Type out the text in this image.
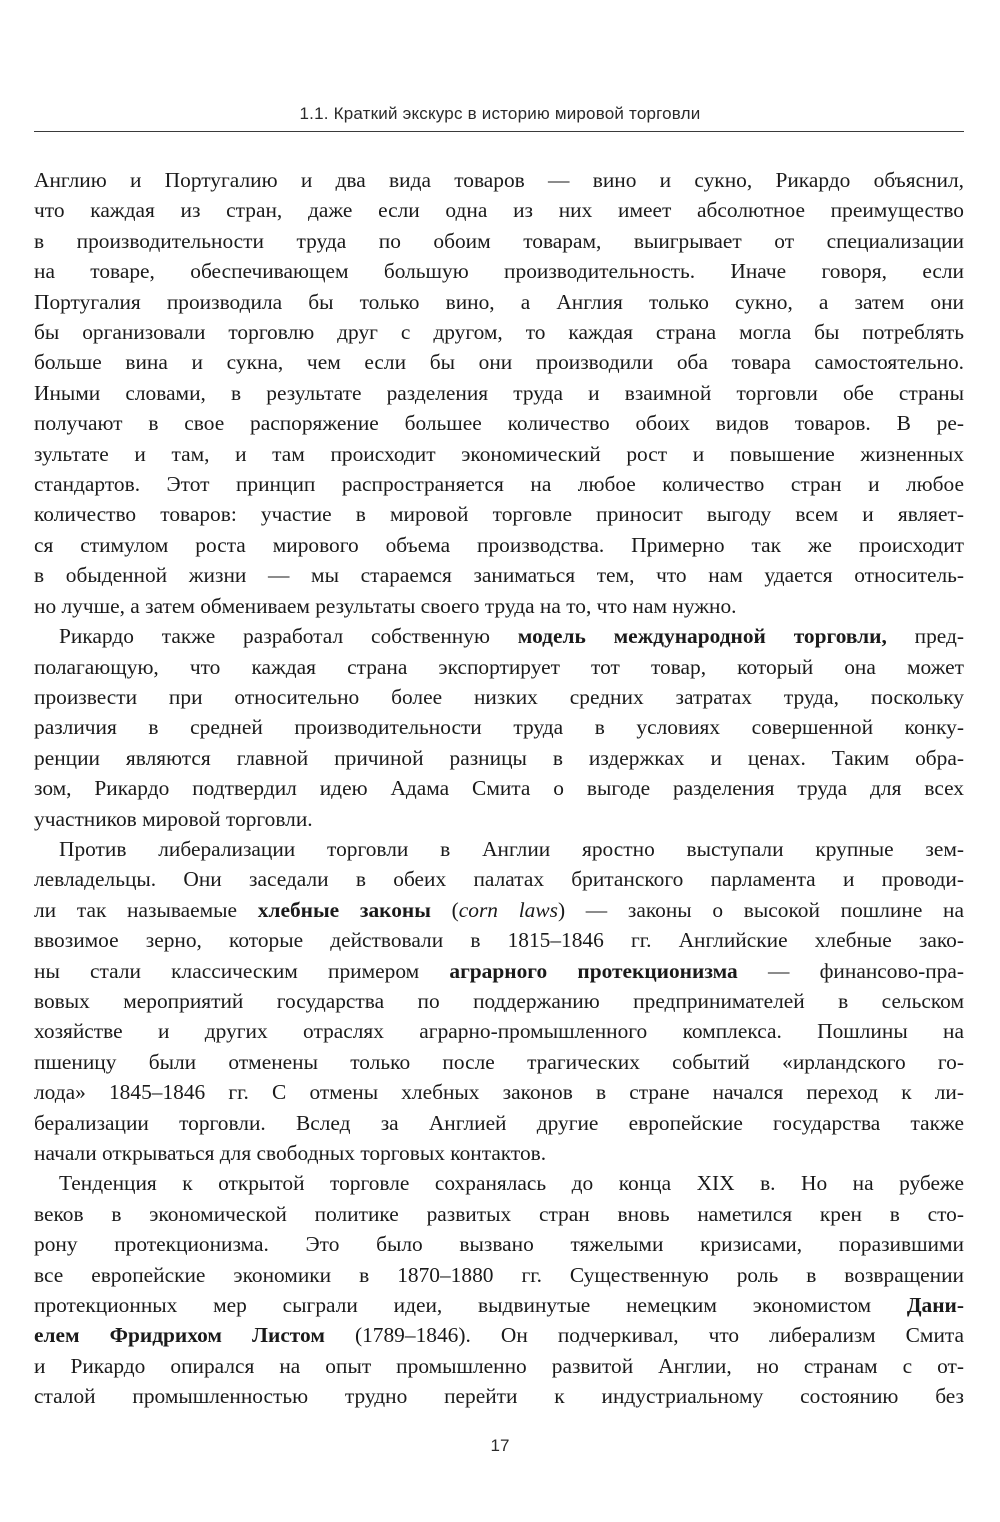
1.1. Краткий экскурс в историю мировой торговли
Англию и Португалию и два вида товаров — вино и сукно, Рикардо объяснил,
что каждая из стран, даже если одна из них имеет абсолютное преимущество
в производительности труда по обоим товарам, выигрывает от специализации
на товаре, обеспечивающем большую производительность. Иначе говоря, если
Португалия производила бы только вино, а Англия только сукно, а затем они
бы организовали торговлю друг с другом, то каждая страна могла бы потреблять
больше вина и сукна, чем если бы они производили оба товара самостоятельно.
Иными словами, в результате разделения труда и взаимной торговли обе страны
получают в свое распоряжение большее количество обоих видов товаров. В ре-
зультате и там, и там происходит экономический рост и повышение жизненных
стандартов. Этот принцип распространяется на любое количество стран и любое
количество товаров: участие в мировой торговле приносит выгоду всем и являет-
ся стимулом роста мирового объема производства. Примерно так же происходит
в обыденной жизни — мы стараемся заниматься тем, что нам удается относитель-
но лучше, а затем обмениваем результаты своего труда на то, что нам нужно.
Рикардо также разработал собственную модель международной торговли, пред-
полагающую, что каждая страна экспортирует тот товар, который она может
произвести при относительно более низких средних затратах труда, поскольку
различия в средней производительности труда в условиях совершенной конку-
ренции являются главной причиной разницы в издержках и ценах. Таким обра-
зом, Рикардо подтвердил идею Адама Смита о выгоде разделения труда для всех
участников мировой торговли.
Против либерализации торговли в Англии яростно выступали крупные зем-
левладельцы. Они заседали в обеих палатах британского парламента и проводи-
ли так называемые хлебные законы (corn laws) — законы о высокой пошлине на
ввозимое зерно, которые действовали в 1815–1846 гг. Английские хлебные зако-
ны стали классическим примером аграрного протекционизма — финансово-пра-
вовых мероприятий государства по поддержанию предпринимателей в сельском
хозяйстве и других отраслях аграрно-промышленного комплекса. Пошлины на
пшеницу были отменены только после трагических событий «ирландского го-
лода» 1845–1846 гг. С отмены хлебных законов в стране начался переход к ли-
берализации торговли. Вслед за Англией другие европейские государства также
начали открываться для свободных торговых контактов.
Тенденция к открытой торговле сохранялась до конца XIX в. Но на рубеже
веков в экономической политике развитых стран вновь наметился крен в сто-
рону протекционизма. Это было вызвано тяжелыми кризисами, поразившими
все европейские экономики в 1870–1880 гг. Существенную роль в возвращении
протекционных мер сыграли идеи, выдвинутые немецким экономистом Дани-
елем Фридрихом Листом (1789–1846). Он подчеркивал, что либерализм Смита
и Рикардо опирался на опыт промышленно развитой Англии, но странам с от-
сталой промышленностью трудно перейти к индустриальному состоянию без
17
